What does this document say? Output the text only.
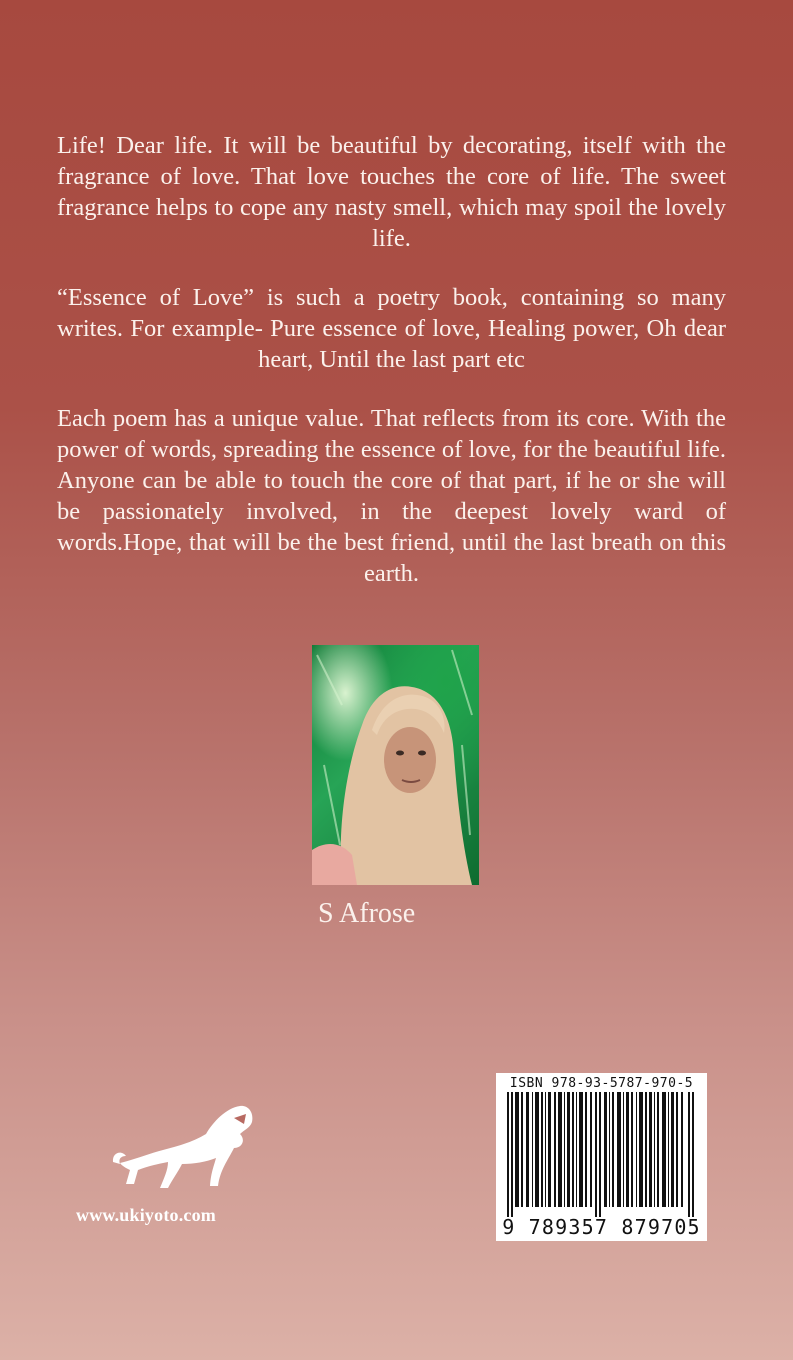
Life! Dear life. It will be beautiful by decorating, itself with the fragrance of love. That love touches the core of life. The sweet fragrance helps to cope any nasty smell, which may spoil the lovely life.

“Essence of Love” is such a poetry book, containing so many writes. For example- Pure essence of love, Healing power, Oh dear heart, Until the last part etc

Each poem has a unique value. That reflects from its core. With the power of words, spreading the essence of love, for the beautiful life. Anyone can be able to touch the core of that part, if he or she will be passionately involved, in the deepest lovely ward of words.Hope, that will be the best friend, until the last breath on this earth.

S Afrose
www.ukiyoto.com
ISBN 978-93-5787-970-5
9 789357 879705
